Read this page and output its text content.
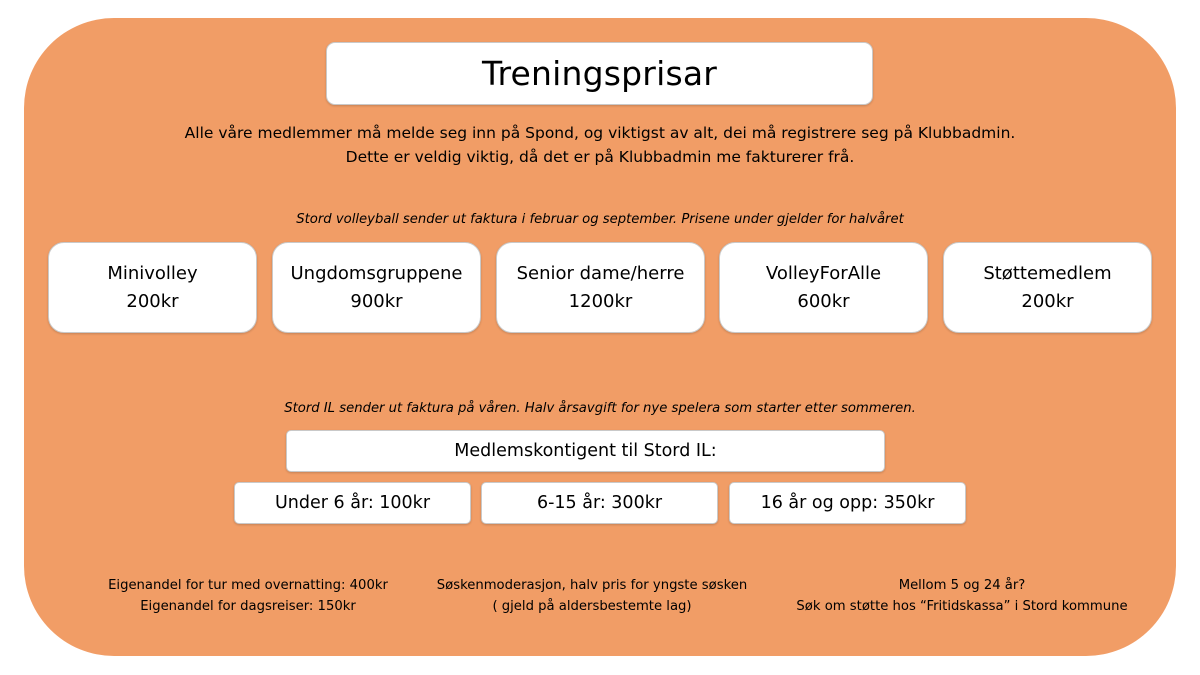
Treningsprisar
Alle våre medlemmer må melde seg inn på Spond, og viktigst av alt, dei må registrere seg på Klubbadmin.
Dette er veldig viktig, då det er på Klubbadmin me fakturerer frå.
Stord volleyball sender ut faktura i februar og september. Prisene under gjelder for halvåret
Minivolley
200kr
Ungdomsgruppene
900kr
Senior dame/herre
1200kr
VolleyForAlle
600kr
Støttemedlem
200kr
Stord IL sender ut faktura på våren. Halv årsavgift for nye spelera som starter etter sommeren.
Medlemskontigent til Stord IL:
Under 6 år: 100kr	6-15 år: 300kr	16 år og opp: 350kr
Eigenandel for tur med overnatting: 400kr
Eigenandel for dagsreiser: 150kr
Søskenmoderasjon, halv pris for yngste søsken
( gjeld på aldersbestemte lag)
Mellom 5 og 24 år?
Søk om støtte hos “Fritidskassa” i Stord kommune
